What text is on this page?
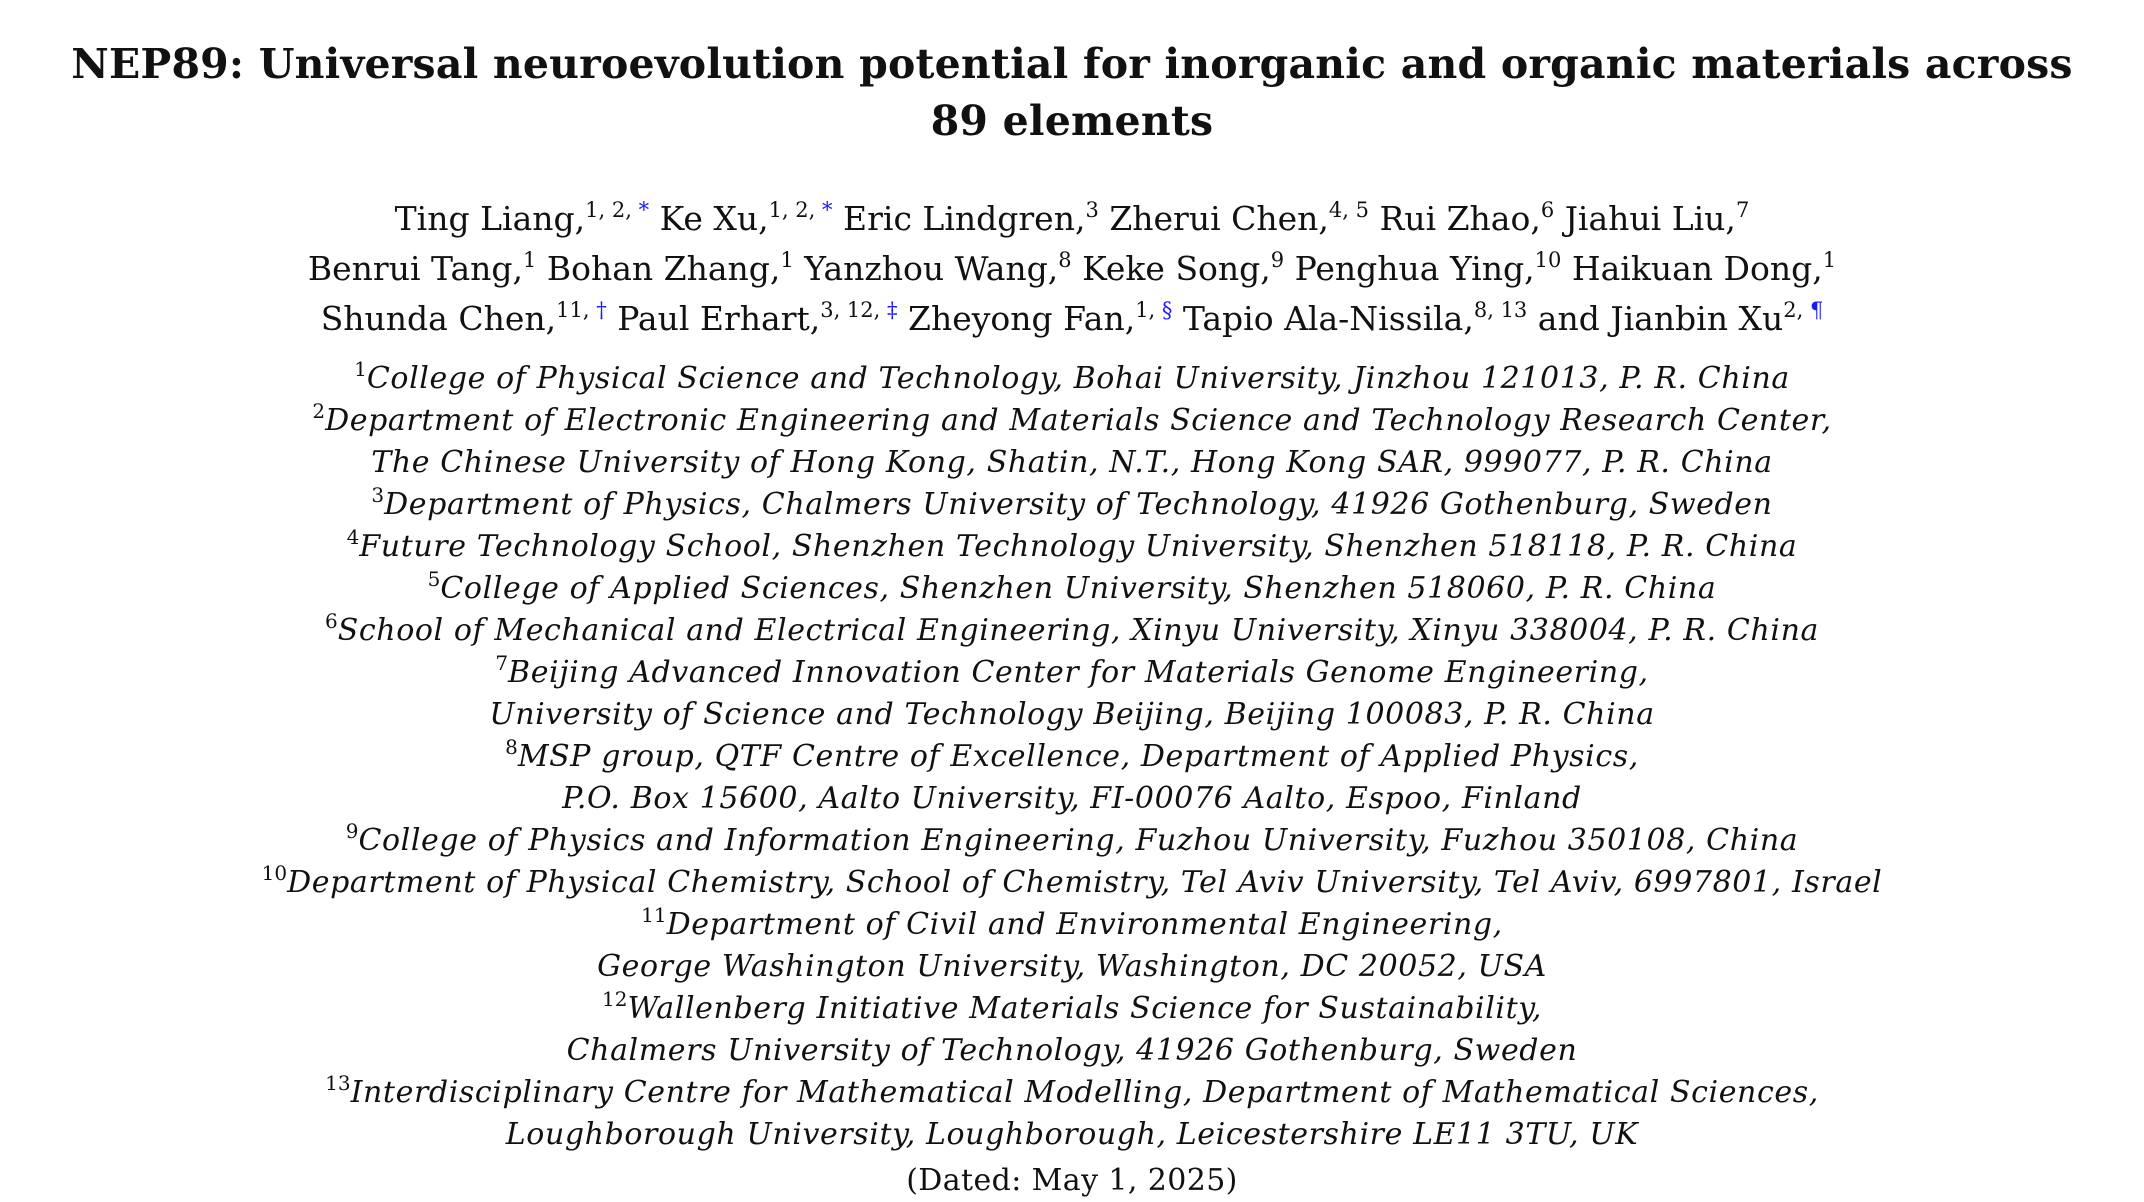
NEP89: Universal neuroevolution potential for inorganic and organic materials across
89 elements
Ting Liang,$^{1, 2, *}$ Ke Xu,$^{1, 2, *}$ Eric Lindgren,$^3$ Zherui Chen,$^{4, 5}$ Rui Zhao,$^6$ Jiahui Liu,$^7$
Benrui Tang,$^1$ Bohan Zhang,$^1$ Yanzhou Wang,$^8$ Keke Song,$^9$ Penghua Ying,$^{10}$ Haikuan Dong,$^1$
Shunda Chen,$^{11, \dagger}$ Paul Erhart,$^{3, 12, \ddagger}$ Zheyong Fan,$^{1, \S}$ Tapio Ala-Nissila,$^{8, 13}$ and Jianbin $Xu^{2, \P}$
$^1$College of Physical Science and Technology, Bohai University, Jinzhou 121013, P. R. China
$^2$Department of Electronic Engineering and Materials Science and Technology Research Center,
The Chinese University of Hong Kong, Shatin, N.T., Hong Kong SAR, 999077, P. R. China
$^3$Department of Physics, Chalmers University of Technology, 41926 Gothenburg, Sweden
$^4$Future Technology School, Shenzhen Technology University, Shenzhen 518118, P. R. China
$^5$College of Applied Sciences, Shenzhen University, Shenzhen 518060, P. R. China
$^6$School of Mechanical and Electrical Engineering, Xinyu University, Xinyu 338004, P. R. China
$^7$Beijing Advanced Innovation Center for Materials Genome Engineering,
University of Science and Technology Beijing, Beijing 100083, P. R. China
$^8$MSP group, QTF Centre of Excellence, Department of Applied Physics,
P.O. Box 15600, Aalto University, FI-00076 Aalto, Espoo, Finland
$^9$College of Physics and Information Engineering, Fuzhou University, Fuzhou 350108, China
$^{10}$Department of Physical Chemistry, School of Chemistry, Tel Aviv University, Tel Aviv, 6997801, Israel
$^{11}$Department of Civil and Environmental Engineering,
George Washington University, Washington, DC 20052, USA
$^{12}$Wallenberg Initiative Materials Science for Sustainability,
Chalmers University of Technology, 41926 Gothenburg, Sweden
$^{13}$Interdisciplinary Centre for Mathematical Modelling, Department of Mathematical Sciences,
Loughborough University, Loughborough, Leicestershire LE11 3TU, UK
(Dated: May 1, 2025)
